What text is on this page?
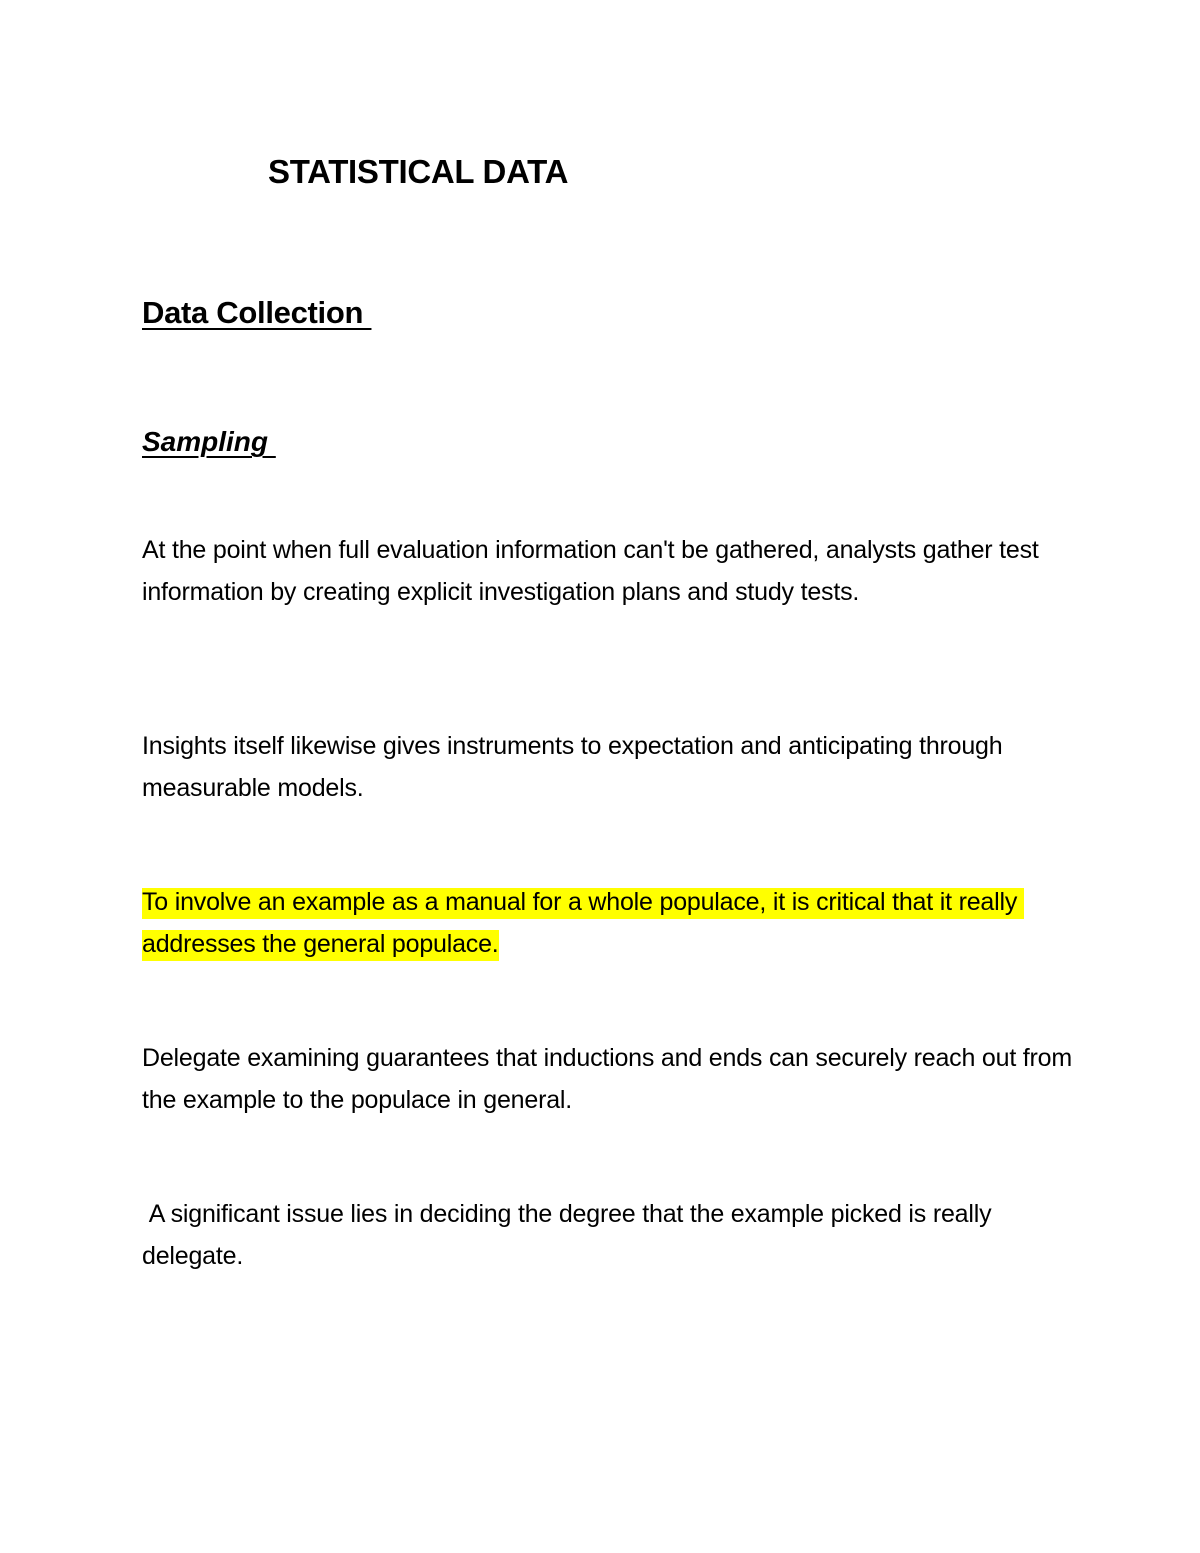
STATISTICAL DATA
Data Collection
Sampling

At the point when full evaluation information can't be gathered, analysts gather test information by creating explicit investigation plans and study tests.

Insights itself likewise gives instruments to expectation and anticipating through measurable models.

To involve an example as a manual for a whole populace, it is critical that it really addresses the general populace.

Delegate examining guarantees that inductions and ends can securely reach out from the example to the populace in general.

A significant issue lies in deciding the degree that the example picked is really delegate.
